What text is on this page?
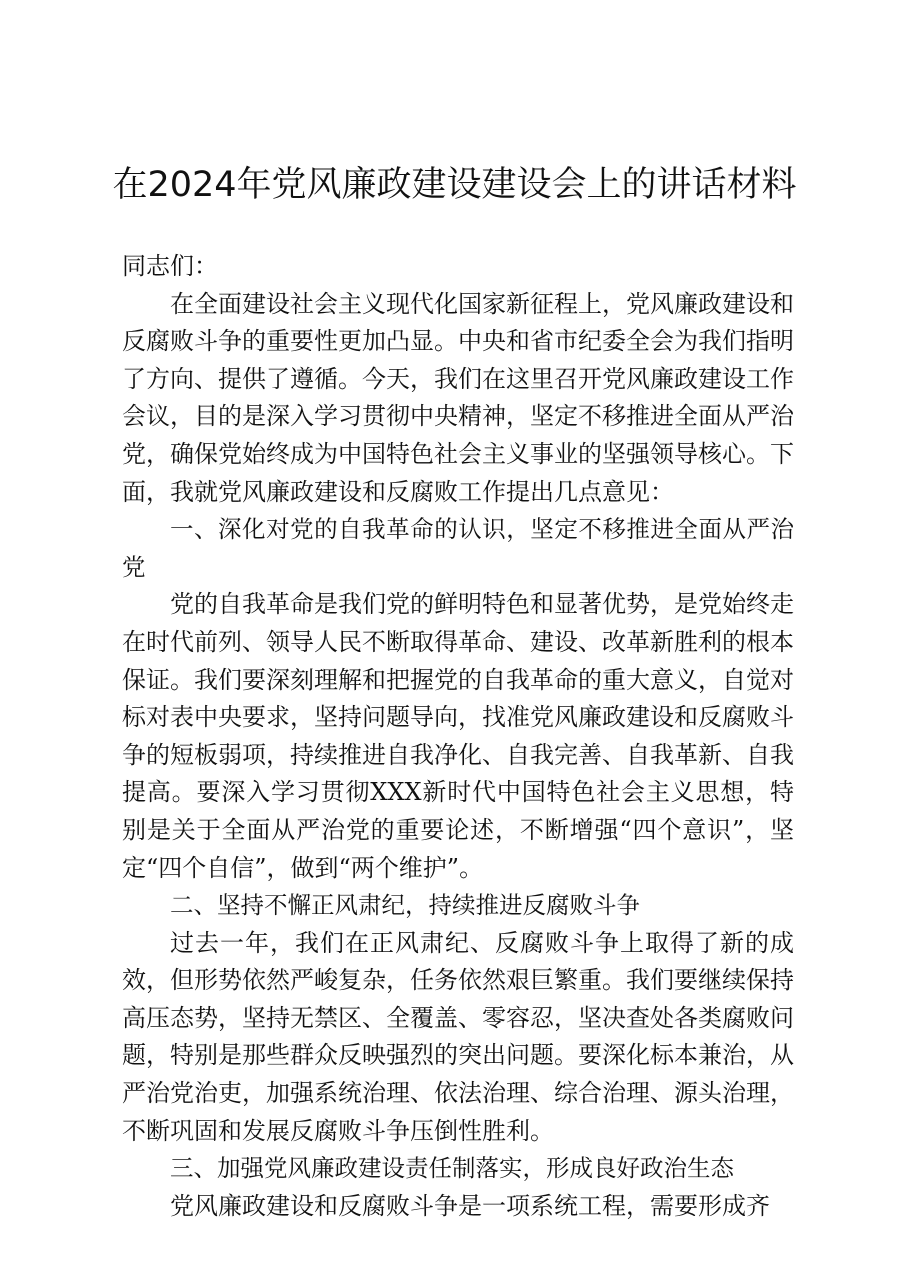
在2024年党风廉政建设建设会上的讲话材料

同志们：

在全面建设社会主义现代化国家新征程上，党风廉政建设和反腐败斗争的重要性更加凸显。中央和省市纪委全会为我们指明了方向、提供了遵循。今天，我们在这里召开党风廉政建设工作会议，目的是深入学习贯彻中央精神，坚定不移推进全面从严治党，确保党始终成为中国特色社会主义事业的坚强领导核心。下面，我就党风廉政建设和反腐败工作提出几点意见：

一、深化对党的自我革命的认识，坚定不移推进全面从严治党

党的自我革命是我们党的鲜明特色和显著优势，是党始终走在时代前列、领导人民不断取得革命、建设、改革新胜利的根本保证。我们要深刻理解和把握党的自我革命的重大意义，自觉对标对表中央要求，坚持问题导向，找准党风廉政建设和反腐败斗争的短板弱项，持续推进自我净化、自我完善、自我革新、自我提高。要深入学习贯彻XXX新时代中国特色社会主义思想，特别是关于全面从严治党的重要论述，不断增强“四个意识”，坚定“四个自信”，做到“两个维护”。

二、坚持不懈正风肃纪，持续推进反腐败斗争

过去一年，我们在正风肃纪、反腐败斗争上取得了新的成效，但形势依然严峻复杂，任务依然艰巨繁重。我们要继续保持高压态势，坚持无禁区、全覆盖、零容忍，坚决查处各类腐败问题，特别是那些群众反映强烈的突出问题。要深化标本兼治，从严治党治吏，加强系统治理、依法治理、综合治理、源头治理，不断巩固和发展反腐败斗争压倒性胜利。

三、加强党风廉政建设责任制落实，形成良好政治生态

党风廉政建设和反腐败斗争是一项系统工程，需要形成齐
